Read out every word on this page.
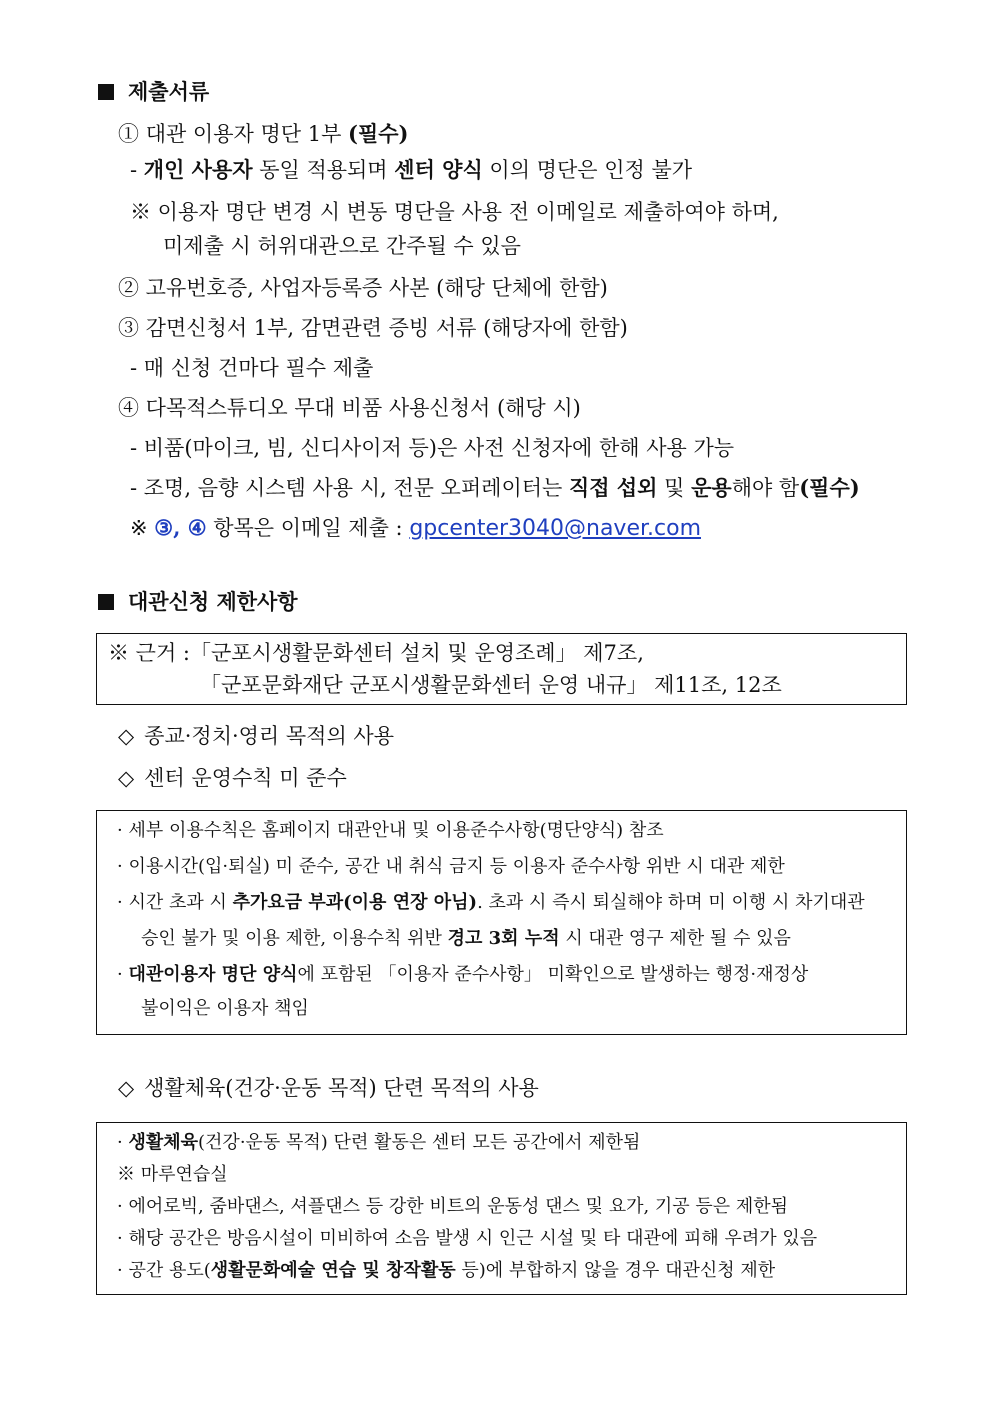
제출서류
① 대관 이용자 명단 1부 (필수)
- 개인 사용자 동일 적용되며 센터 양식 이의 명단은 인정 불가
※ 이용자 명단 변경 시 변동 명단을 사용 전 이메일로 제출하여야 하며,
미제출 시 허위대관으로 간주될 수 있음
② 고유번호증, 사업자등록증 사본 (해당 단체에 한함)
③ 감면신청서 1부, 감면관련 증빙 서류 (해당자에 한함)
- 매 신청 건마다 필수 제출
④ 다목적스튜디오 무대 비품 사용신청서 (해당 시)
- 비품(마이크, 빔, 신디사이저 등)은 사전 신청자에 한해 사용 가능
- 조명, 음향 시스템 사용 시, 전문 오퍼레이터는 직접 섭외 및 운용해야 함(필수)
※ ③, ④ 항목은 이메일 제출 : gpcenter3040@naver.com
대관신청 제한사항
※ 근거 :「군포시생활문화센터 설치 및 운영조례」 제7조,
「군포문화재단 군포시생활문화센터 운영 내규」 제11조, 12조
◇ 종교·정치·영리 목적의 사용
◇ 센터 운영수칙 미 준수
· 세부 이용수칙은 홈페이지 대관안내 및 이용준수사항(명단양식) 참조
· 이용시간(입·퇴실) 미 준수, 공간 내 취식 금지 등 이용자 준수사항 위반 시 대관 제한
· 시간 초과 시 추가요금 부과(이용 연장 아님). 초과 시 즉시 퇴실해야 하며 미 이행 시 차기대관
승인 불가 및 이용 제한, 이용수칙 위반 경고 3회 누적 시 대관 영구 제한 될 수 있음
· 대관이용자 명단 양식에 포함된 「이용자 준수사항」 미확인으로 발생하는 행정·재정상
불이익은 이용자 책임
◇ 생활체육(건강·운동 목적) 단련 목적의 사용
· 생활체육(건강·운동 목적) 단련 활동은 센터 모든 공간에서 제한됨
※ 마루연습실
· 에어로빅, 줌바댄스, 셔플댄스 등 강한 비트의 운동성 댄스 및 요가, 기공 등은 제한됨
· 해당 공간은 방음시설이 미비하여 소음 발생 시 인근 시설 및 타 대관에 피해 우려가 있음
· 공간 용도(생활문화예술 연습 및 창작활동 등)에 부합하지 않을 경우 대관신청 제한
